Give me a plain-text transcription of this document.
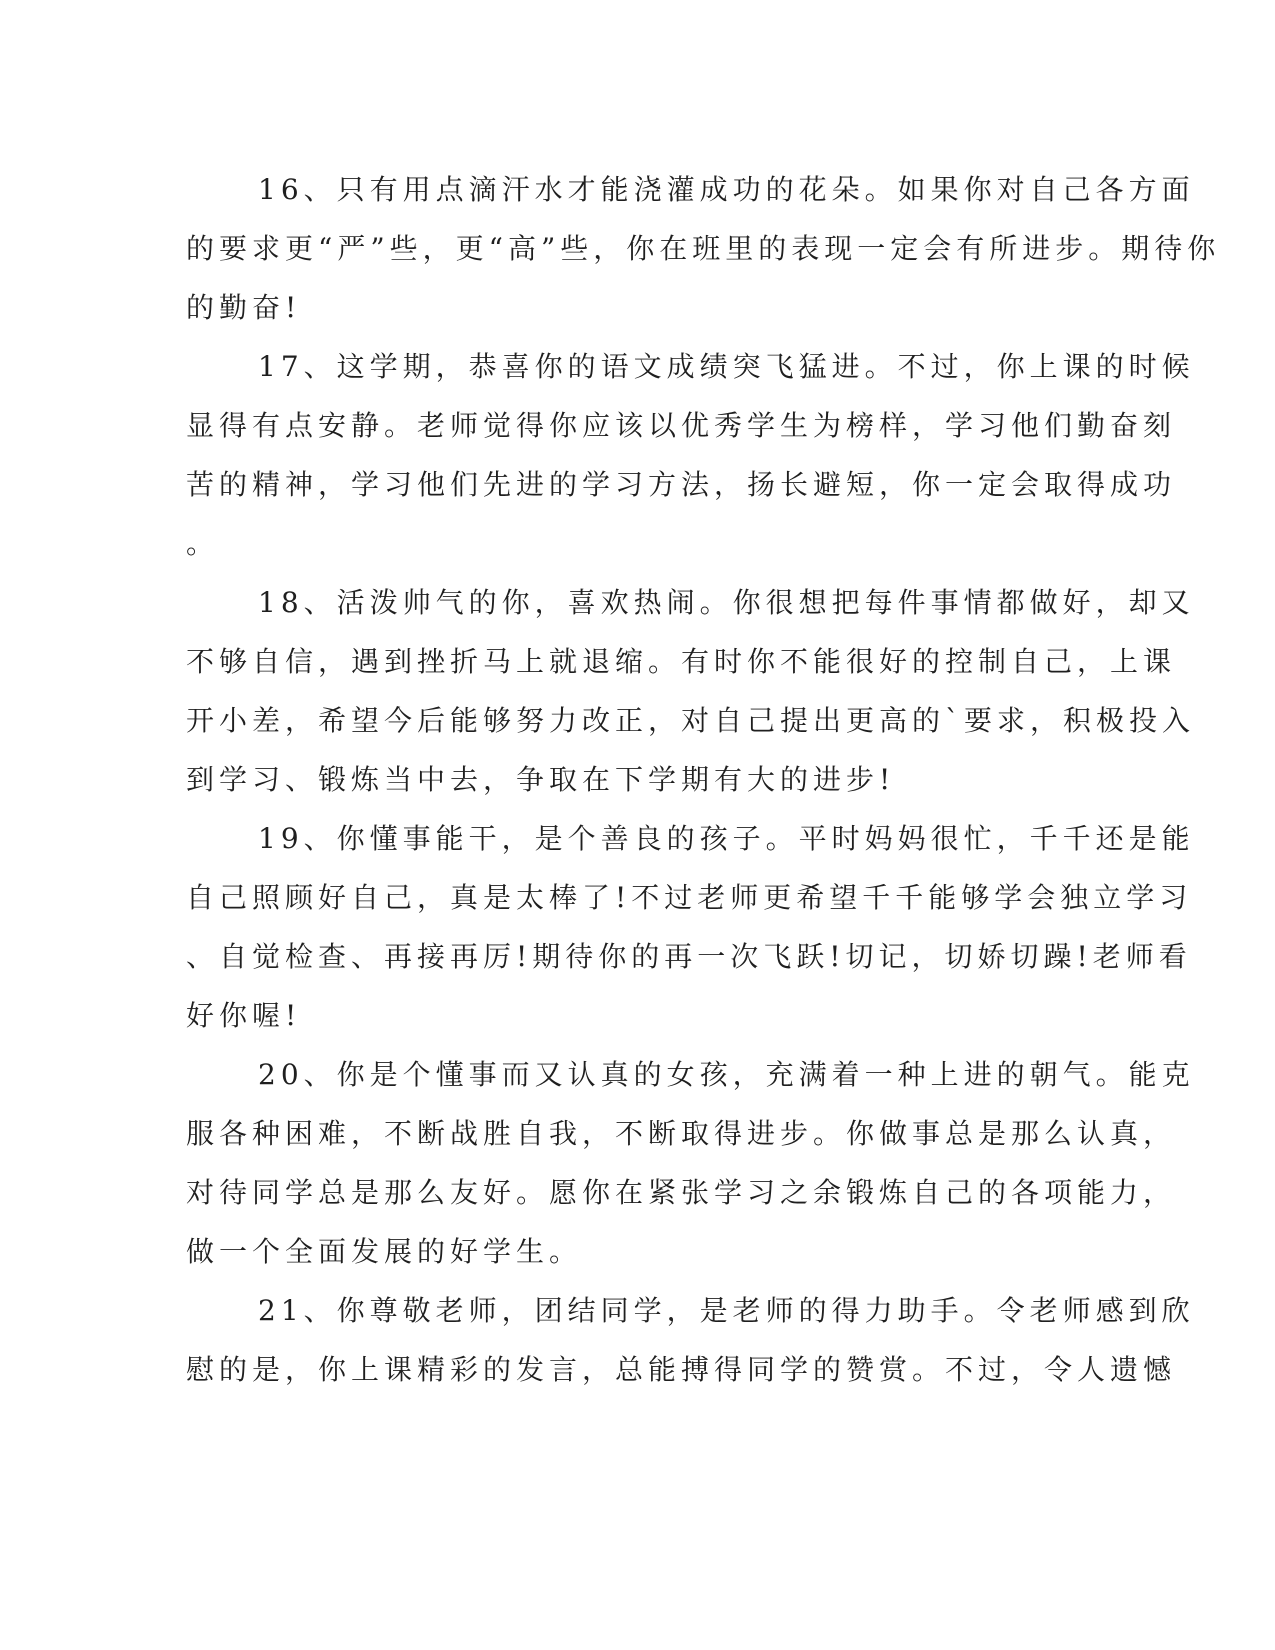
16、只有用点滴汗水才能浇灌成功的花朵。如果你对自己各方面
的要求更“严”些，更“高”些，你在班里的表现一定会有所进步。期待你
的勤奋!
17、这学期，恭喜你的语文成绩突飞猛进。不过，你上课的时候
显得有点安静。老师觉得你应该以优秀学生为榜样，学习他们勤奋刻
苦的精神，学习他们先进的学习方法，扬长避短，你一定会取得成功
。
18、活泼帅气的你，喜欢热闹。你很想把每件事情都做好，却又
不够自信，遇到挫折马上就退缩。有时你不能很好的控制自己，上课
开小差，希望今后能够努力改正，对自己提出更高的`要求，积极投入
到学习、锻炼当中去，争取在下学期有大的进步!
19、你懂事能干，是个善良的孩子。平时妈妈很忙，千千还是能
自己照顾好自己，真是太棒了!不过老师更希望千千能够学会独立学习
、自觉检查、再接再厉!期待你的再一次飞跃!切记，切娇切躁!老师看
好你喔!
20、你是个懂事而又认真的女孩，充满着一种上进的朝气。能克
服各种困难，不断战胜自我，不断取得进步。你做事总是那么认真，
对待同学总是那么友好。愿你在紧张学习之余锻炼自己的各项能力，
做一个全面发展的好学生。
21、你尊敬老师，团结同学，是老师的得力助手。令老师感到欣
慰的是，你上课精彩的发言，总能搏得同学的赞赏。不过，令人遗憾
